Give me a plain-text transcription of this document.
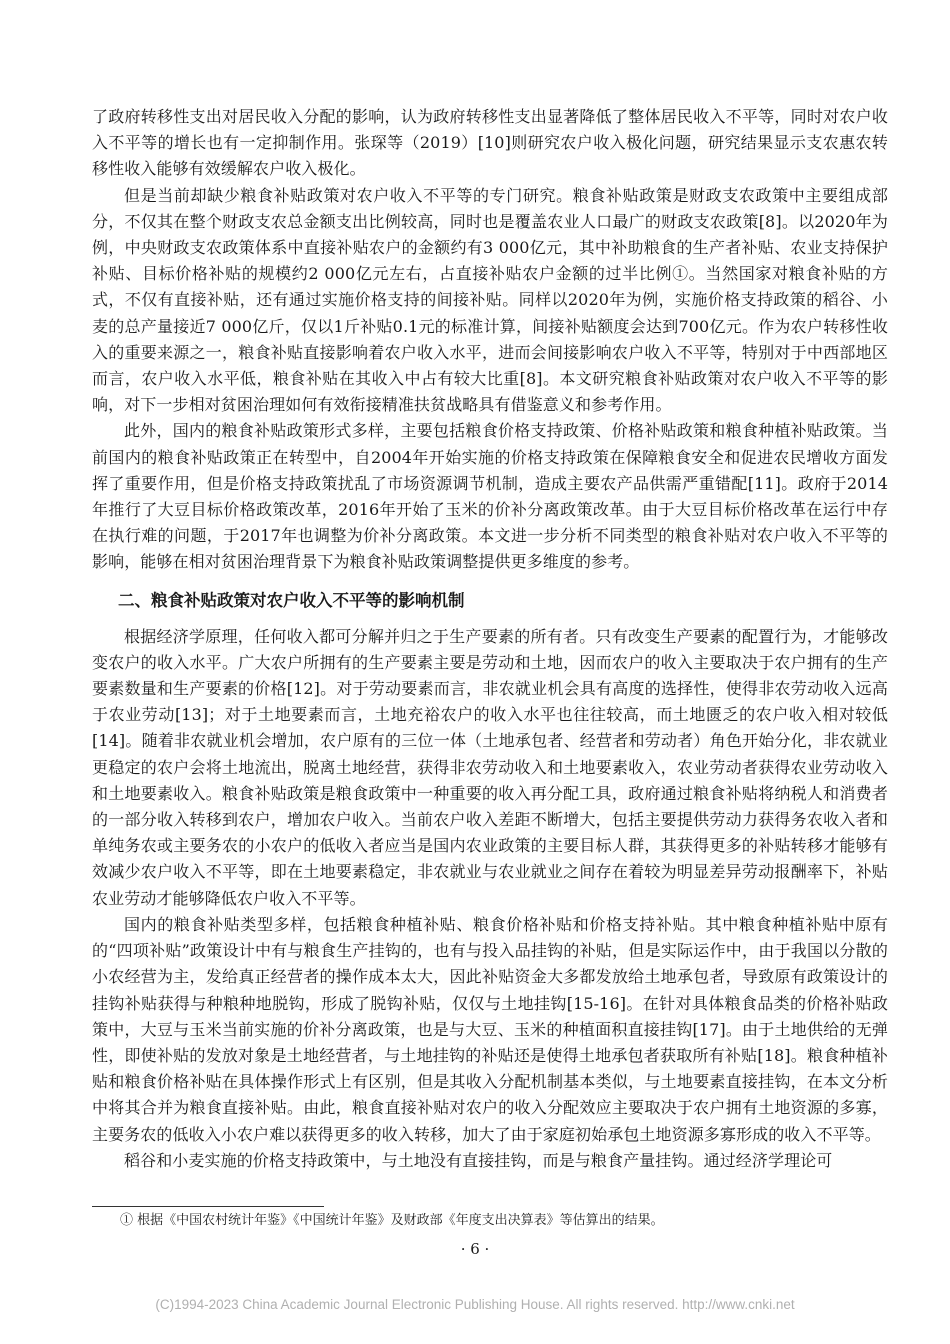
了政府转移性支出对居民收入分配的影响，认为政府转移性支出显著降低了整体居民收入不平等，同时对农户收入不平等的增长也有一定抑制作用。张琛等（2019）[10]则研究农户收入极化问题，研究结果显示支农惠农转移性收入能够有效缓解农户收入极化。

但是当前却缺少粮食补贴政策对农户收入不平等的专门研究。粮食补贴政策是财政支农政策中主要组成部分，不仅其在整个财政支农总金额支出比例较高，同时也是覆盖农业人口最广的财政支农政策[8]。以2020年为例，中央财政支农政策体系中直接补贴农户的金额约有3 000亿元，其中补助粮食的生产者补贴、农业支持保护补贴、目标价格补贴的规模约2 000亿元左右，占直接补贴农户金额的过半比例①。当然国家对粮食补贴的方式，不仅有直接补贴，还有通过实施价格支持的间接补贴。同样以2020年为例，实施价格支持政策的稻谷、小麦的总产量接近7 000亿斤，仅以1斤补贴0.1元的标准计算，间接补贴额度会达到700亿元。作为农户转移性收入的重要来源之一，粮食补贴直接影响着农户收入水平，进而会间接影响农户收入不平等，特别对于中西部地区而言，农户收入水平低，粮食补贴在其收入中占有较大比重[8]。本文研究粮食补贴政策对农户收入不平等的影响，对下一步相对贫困治理如何有效衔接精准扶贫战略具有借鉴意义和参考作用。

此外，国内的粮食补贴政策形式多样，主要包括粮食价格支持政策、价格补贴政策和粮食种植补贴政策。当前国内的粮食补贴政策正在转型中，自2004年开始实施的价格支持政策在保障粮食安全和促进农民增收方面发挥了重要作用，但是价格支持政策扰乱了市场资源调节机制，造成主要农产品供需严重错配[11]。政府于2014年推行了大豆目标价格政策改革，2016年开始了玉米的价补分离政策改革。由于大豆目标价格改革在运行中存在执行难的问题，于2017年也调整为价补分离政策。本文进一步分析不同类型的粮食补贴对农户收入不平等的影响，能够在相对贫困治理背景下为粮食补贴政策调整提供更多维度的参考。

二、粮食补贴政策对农户收入不平等的影响机制

根据经济学原理，任何收入都可分解并归之于生产要素的所有者。只有改变生产要素的配置行为，才能够改变农户的收入水平。广大农户所拥有的生产要素主要是劳动和土地，因而农户的收入主要取决于农户拥有的生产要素数量和生产要素的价格[12]。对于劳动要素而言，非农就业机会具有高度的选择性，使得非农劳动收入远高于农业劳动[13]；对于土地要素而言，土地充裕农户的收入水平也往往较高，而土地匮乏的农户收入相对较低[14]。随着非农就业机会增加，农户原有的三位一体（土地承包者、经营者和劳动者）角色开始分化，非农就业更稳定的农户会将土地流出，脱离土地经营，获得非农劳动收入和土地要素收入，农业劳动者获得农业劳动收入和土地要素收入。粮食补贴政策是粮食政策中一种重要的收入再分配工具，政府通过粮食补贴将纳税人和消费者的一部分收入转移到农户，增加农户收入。当前农户收入差距不断增大，包括主要提供劳动力获得务农收入者和单纯务农或主要务农的小农户的低收入者应当是国内农业政策的主要目标人群，其获得更多的补贴转移才能够有效减少农户收入不平等，即在土地要素稳定，非农就业与农业就业之间存在着较为明显差异劳动报酬率下，补贴农业劳动才能够降低农户收入不平等。

国内的粮食补贴类型多样，包括粮食种植补贴、粮食价格补贴和价格支持补贴。其中粮食种植补贴中原有的“四项补贴”政策设计中有与粮食生产挂钩的，也有与投入品挂钩的补贴，但是实际运作中，由于我国以分散的小农经营为主，发给真正经营者的操作成本太大，因此补贴资金大多都发放给土地承包者，导致原有政策设计的挂钩补贴获得与种粮种地脱钩，形成了脱钩补贴，仅仅与土地挂钩[15-16]。在针对具体粮食品类的价格补贴政策中，大豆与玉米当前实施的价补分离政策，也是与大豆、玉米的种植面积直接挂钩[17]。由于土地供给的无弹性，即使补贴的发放对象是土地经营者，与土地挂钩的补贴还是使得土地承包者获取所有补贴[18]。粮食种植补贴和粮食价格补贴在具体操作形式上有区别，但是其收入分配机制基本类似，与土地要素直接挂钩，在本文分析中将其合并为粮食直接补贴。由此，粮食直接补贴对农户的收入分配效应主要取决于农户拥有土地资源的多寡，主要务农的低收入小农户难以获得更多的收入转移，加大了由于家庭初始承包土地资源多寡形成的收入不平等。

稻谷和小麦实施的价格支持政策中，与土地没有直接挂钩，而是与粮食产量挂钩。通过经济学理论可

① 根据《中国农村统计年鉴》《中国统计年鉴》及财政部《年度支出决算表》等估算出的结果。
· 6 ·
(C)1994-2023 China Academic Journal Electronic Publishing House. All rights reserved. http://www.cnki.net
